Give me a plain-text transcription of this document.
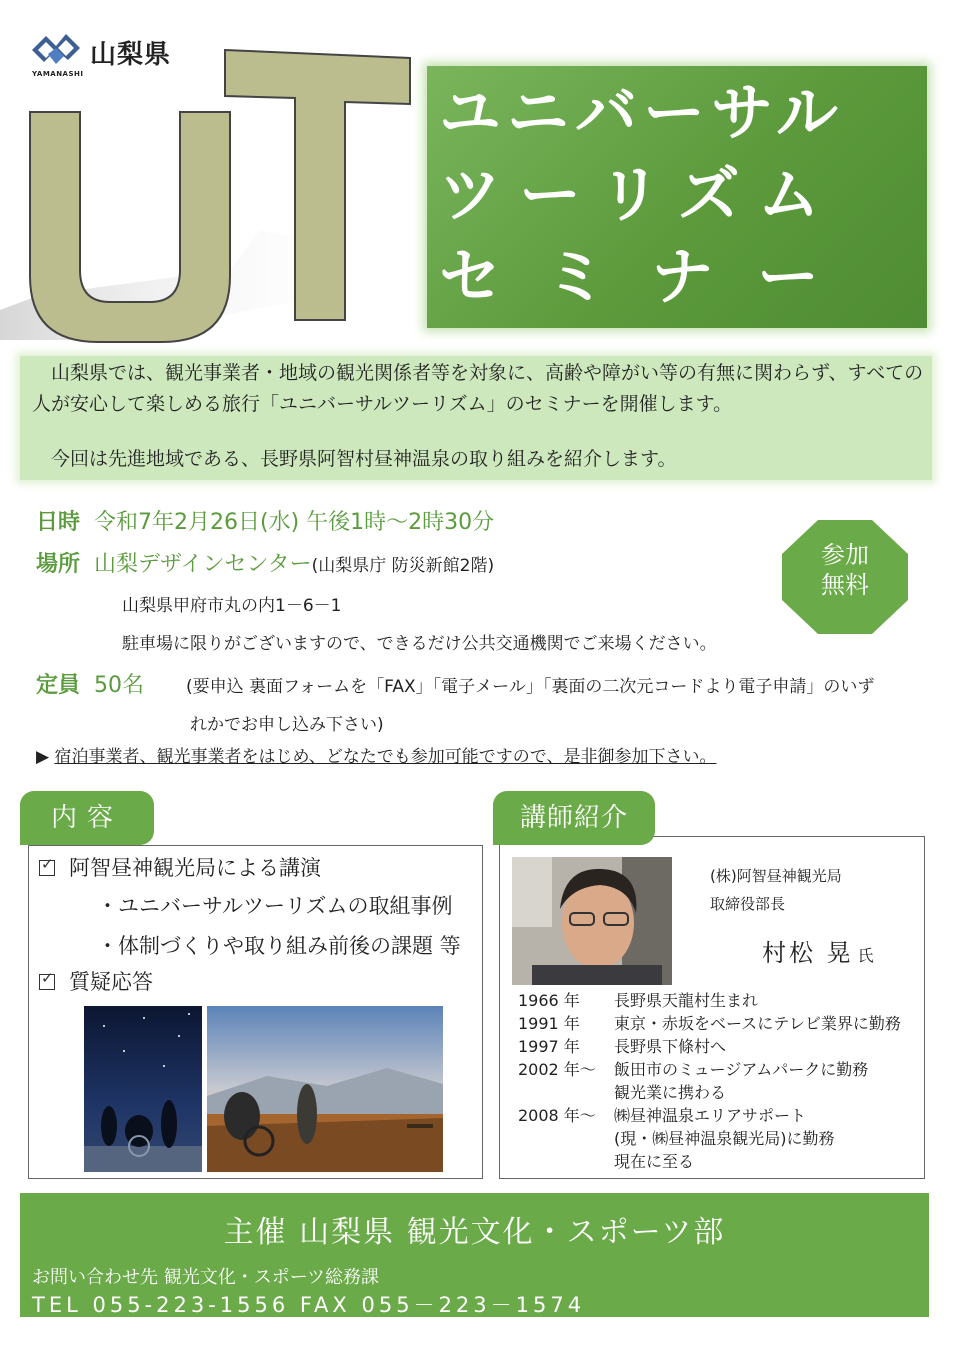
山梨県
YAMANASHI
ユニバーサル
ツーリズム
セミナー
山梨県では、観光事業者・地域の観光関係者等を対象に、高齢や障がい等の有無に関わらず、すべての人が安心して楽しめる旅行「ユニバーサルツーリズム」のセミナーを開催します。
今回は先進地域である、長野県阿智村昼神温泉の取り組みを紹介します。
日時 令和7年2月26日(水) 午後1時～2時30分
場所 山梨デザインセンター(山梨県庁 防災新館2階)
山梨県甲府市丸の内1－6－1
駐車場に限りがございますので、できるだけ公共交通機関でご来場ください。
定員 50名 (要申込 裏面フォームを「FAX」「電子メール」「裏面の二次元コードより電子申請」のいず
れかでお申し込み下さい)
▶ 宿泊事業者、観光事業者をはじめ、どなたでも参加可能ですので、是非御参加下さい。
参加
無料
✓阿智昼神観光局による講演
・ユニバーサルツーリズムの取組事例
・体制づくりや取り組み前後の課題 等
✓質疑応答
内容
(株)阿智昼神観光局
取締役部長
村松 晃 氏
1966 年	長野県天龍村生まれ
1991 年	東京・赤坂をベースにテレビ業界に勤務
1997 年	長野県下條村へ
2002 年～	飯田市のミュージアムパークに勤務
観光業に携わる
2008 年～	㈱昼神温泉エリアサポート
(現・㈱昼神温泉観光局)に勤務
現在に至る
講師紹介
主催 山梨県 観光文化・スポーツ部
お問い合わせ先 観光文化・スポーツ総務課
TEL 055-223-1556 FAX 055－223－1574
